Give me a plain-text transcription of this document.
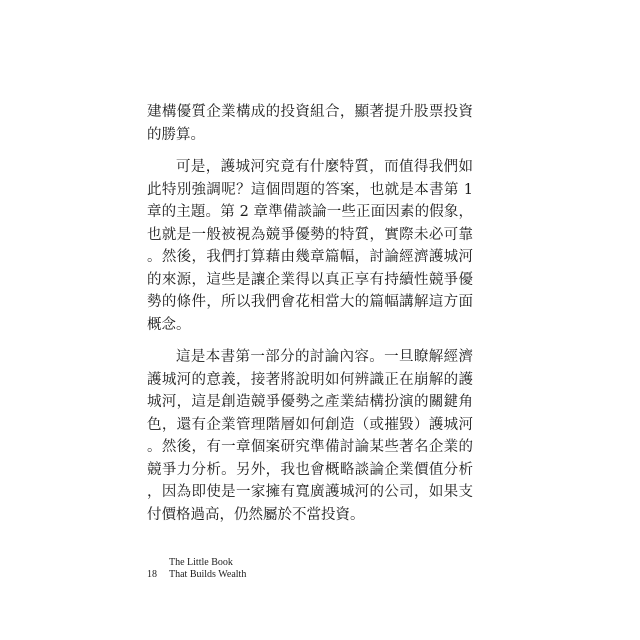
建構優質企業構成的投資組合，顯著提升股票投資的勝算。

可是，護城河究竟有什麼特質，而值得我們如此特別強調呢？這個問題的答案，也就是本書第 1 章的主題。第 2 章準備談論一些正面因素的假象，也就是一般被視為競爭優勢的特質，實際未必可靠。然後，我們打算藉由幾章篇幅，討論經濟護城河的來源，這些是讓企業得以真正享有持續性競爭優勢的條件，所以我們會花相當大的篇幅講解這方面概念。

這是本書第一部分的討論內容。一旦瞭解經濟護城河的意義，接著將說明如何辨識正在崩解的護城河，這是創造競爭優勢之產業結構扮演的關鍵角色，還有企業管理階層如何創造（或摧毀）護城河。然後，有一章個案研究準備討論某些著名企業的競爭力分析。另外，我也會概略談論企業價值分析，因為即使是一家擁有寬廣護城河的公司，如果支付價格過高，仍然屬於不當投資。

18
The Little Book
That Builds Wealth
